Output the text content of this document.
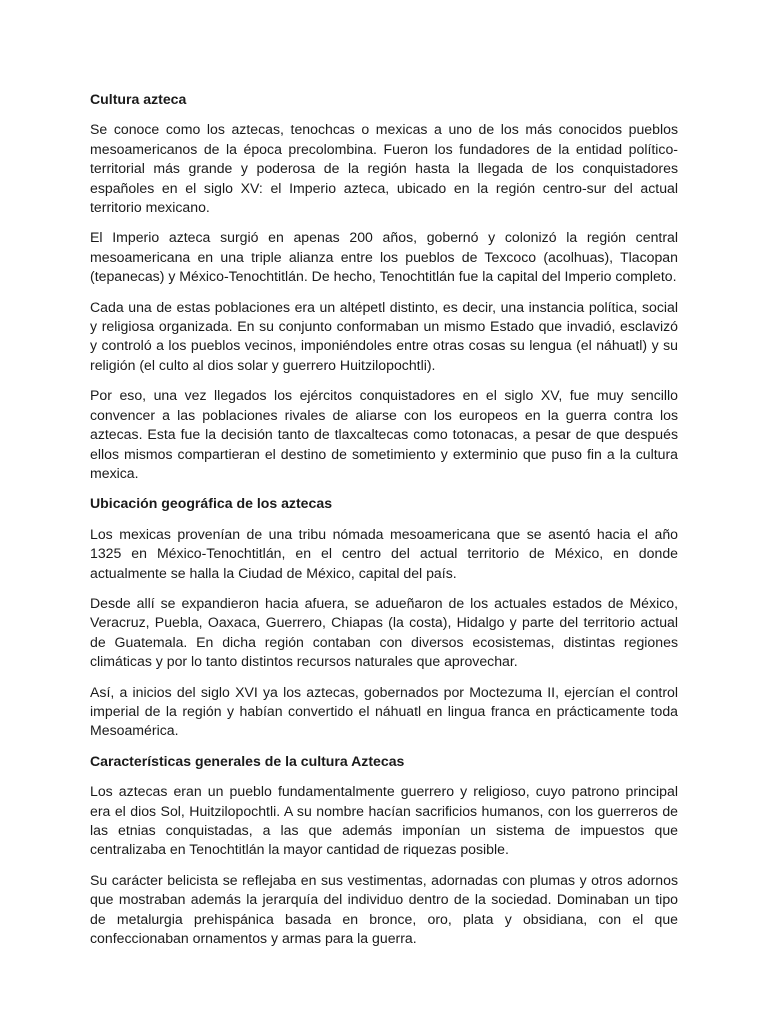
Cultura azteca

Se conoce como los aztecas, tenochcas o mexicas a uno de los más conocidos pueblos mesoamericanos de la época precolombina. Fueron los fundadores de la entidad político-territorial más grande y poderosa de la región hasta la llegada de los conquistadores españoles en el siglo XV: el Imperio azteca, ubicado en la región centro-sur del actual territorio mexicano.

El Imperio azteca surgió en apenas 200 años, gobernó y colonizó la región central mesoamericana en una triple alianza entre los pueblos de Texcoco (acolhuas), Tlacopan (tepanecas) y México-Tenochtitlán. De hecho, Tenochtitlán fue la capital del Imperio completo.

Cada una de estas poblaciones era un altépetl distinto, es decir, una instancia política, social y religiosa organizada. En su conjunto conformaban un mismo Estado que invadió, esclavizó y controló a los pueblos vecinos, imponiéndoles entre otras cosas su lengua (el náhuatl) y su religión (el culto al dios solar y guerrero Huitzilopochtli).

Por eso, una vez llegados los ejércitos conquistadores en el siglo XV, fue muy sencillo convencer a las poblaciones rivales de aliarse con los europeos en la guerra contra los aztecas. Esta fue la decisión tanto de tlaxcaltecas como totonacas, a pesar de que después ellos mismos compartieran el destino de sometimiento y exterminio que puso fin a la cultura mexica.

Ubicación geográfica de los aztecas

Los mexicas provenían de una tribu nómada mesoamericana que se asentó hacia el año 1325 en México-Tenochtitlán, en el centro del actual territorio de México, en donde actualmente se halla la Ciudad de México, capital del país.

Desde allí se expandieron hacia afuera, se adueñaron de los actuales estados de México, Veracruz, Puebla, Oaxaca, Guerrero, Chiapas (la costa), Hidalgo y parte del territorio actual de Guatemala. En dicha región contaban con diversos ecosistemas, distintas regiones climáticas y por lo tanto distintos recursos naturales que aprovechar.

Así, a inicios del siglo XVI ya los aztecas, gobernados por Moctezuma II, ejercían el control imperial de la región y habían convertido el náhuatl en lingua franca en prácticamente toda Mesoamérica.

Características generales de la cultura Aztecas

Los aztecas eran un pueblo fundamentalmente guerrero y religioso, cuyo patrono principal era el dios Sol, Huitzilopochtli. A su nombre hacían sacrificios humanos, con los guerreros de las etnias conquistadas, a las que además imponían un sistema de impuestos que centralizaba en Tenochtitlán la mayor cantidad de riquezas posible.

Su carácter belicista se reflejaba en sus vestimentas, adornadas con plumas y otros adornos que mostraban además la jerarquía del individuo dentro de la sociedad. Dominaban un tipo de metalurgia prehispánica basada en bronce, oro, plata y obsidiana, con el que confeccionaban ornamentos y armas para la guerra.
